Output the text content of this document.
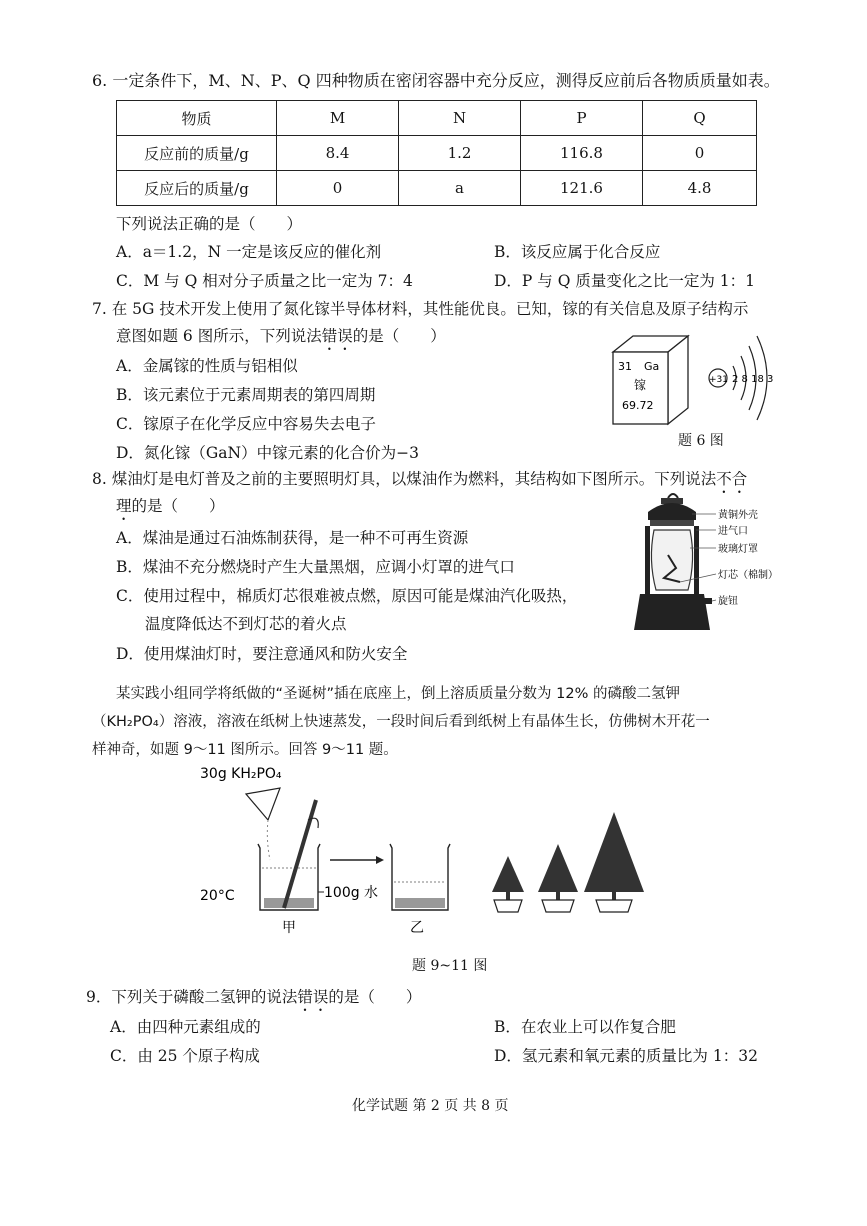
6. 一定条件下，M、N、P、Q 四种物质在密闭容器中充分反应，测得反应前后各物质质量如表。
物质	M	N	P	Q
反应前的质量/g	8.4	1.2	116.8	0
反应后的质量/g	0	a	121.6	4.8
下列说法正确的是（　　）
A．a＝1.2，N 一定是该反应的催化剂	B．该反应属于化合反应
C．M 与 Q 相对分子质量之比一定为 7：4	D．P 与 Q 质量变化之比一定为 1：1
7. 在 5G 技术开发上使用了氮化镓半导体材料，其性能优良。已知，镓的有关信息及原子结构示
意图如题 6 图所示，下列说法错误的是（　　）
A．金属镓的性质与铝相似
B．该元素位于元素周期表的第四周期
C．镓原子在化学反应中容易失去电子
D．氮化镓（GaN）中镓元素的化合价为−3
31 Ga
镓
69.72
+31 2 8 18 3
题 6 图
8. 煤油灯是电灯普及之前的主要照明灯具，以煤油作为燃料，其结构如下图所示。下列说法不合
理的是（　　）
A．煤油是通过石油炼制获得，是一种不可再生资源
B．煤油不充分燃烧时产生大量黑烟，应调小灯罩的进气口
C．使用过程中，棉质灯芯很难被点燃，原因可能是煤油汽化吸热，
温度降低达不到灯芯的着火点
D．使用煤油灯时，要注意通风和防火安全
黄铜外壳
进气口
玻璃灯罩
灯芯（棉制）
旋钮
某实践小组同学将纸做的“圣诞树”插在底座上，倒上溶质质量分数为 12% 的磷酸二氢钾
（KH₂PO₄）溶液，溶液在纸树上快速蒸发，一段时间后看到纸树上有晶体生长，仿佛树木开花一
样神奇，如题 9～11 图所示。回答 9～11 题。
30g KH₂PO₄
20°C	100g 水
甲	乙
题 9~11 图
9．下列关于磷酸二氢钾的说法错误的是（　　）
A．由四种元素组成的	B．在农业上可以作复合肥
C．由 25 个原子构成	D．氢元素和氧元素的质量比为 1：32
化学试题 第 2 页 共 8 页
